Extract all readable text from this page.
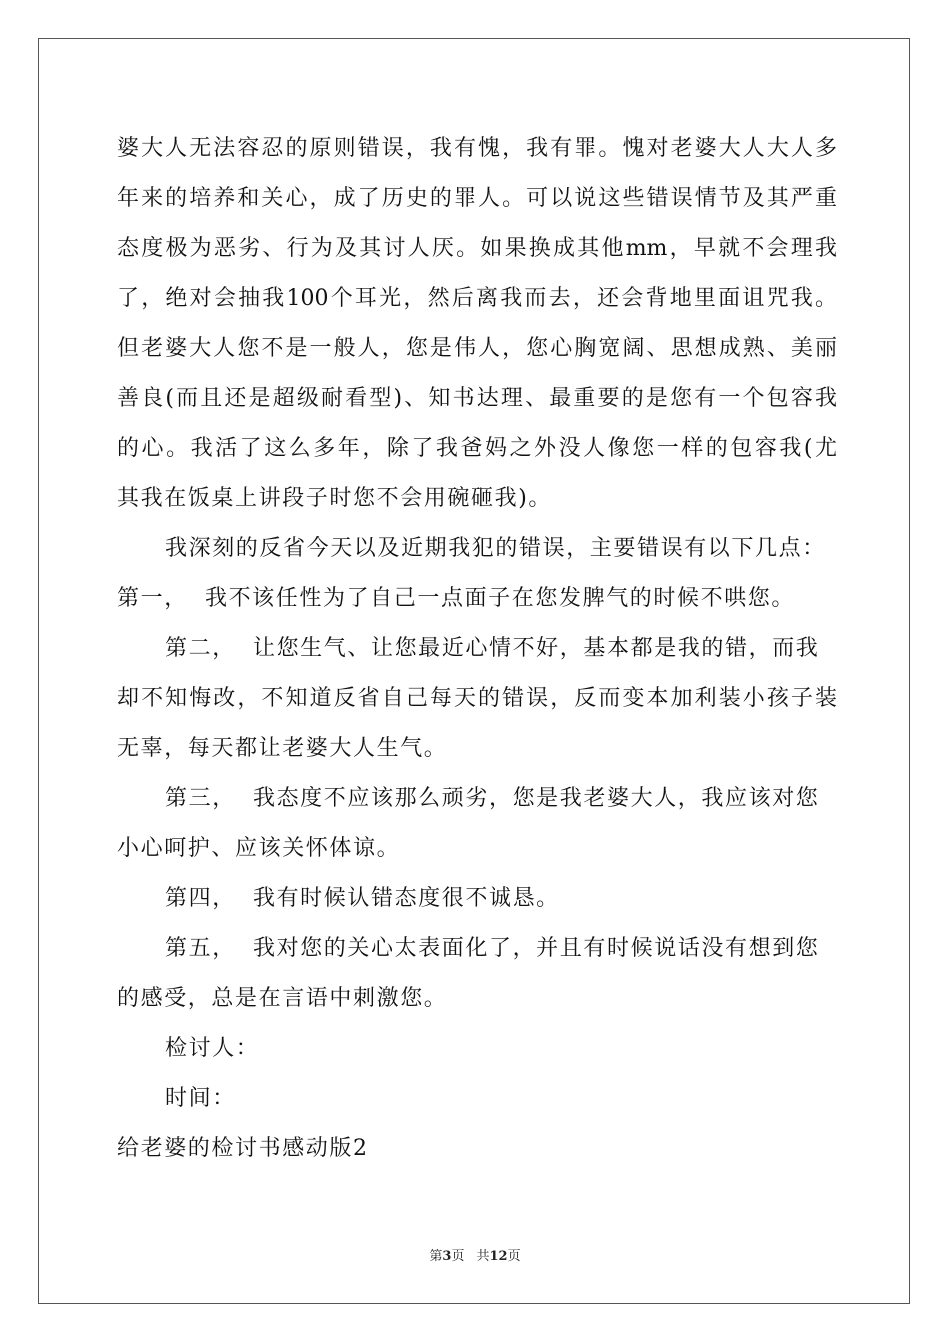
婆大人无法容忍的原则错误，我有愧，我有罪。愧对老婆大人大人多
年来的培养和关心，成了历史的罪人。可以说这些错误情节及其严重
态度极为恶劣、行为及其讨人厌。如果换成其他mm，早就不会理我
了，绝对会抽我100个耳光，然后离我而去，还会背地里面诅咒我。
但老婆大人您不是一般人，您是伟人，您心胸宽阔、思想成熟、美丽
善良(而且还是超级耐看型)、知书达理、最重要的是您有一个包容我
的心。我活了这么多年，除了我爸妈之外没人像您一样的包容我(尤
其我在饭桌上讲段子时您不会用碗砸我)。
我深刻的反省今天以及近期我犯的错误，主要错误有以下几点：
第一，  我不该任性为了自己一点面子在您发脾气的时候不哄您。
第二，  让您生气、让您最近心情不好，基本都是我的错，而我
却不知悔改，不知道反省自己每天的错误，反而变本加利装小孩子装
无辜，每天都让老婆大人生气。
第三，  我态度不应该那么顽劣，您是我老婆大人，我应该对您
小心呵护、应该关怀体谅。
第四，  我有时候认错态度很不诚恳。
第五，  我对您的关心太表面化了，并且有时候说话没有想到您
的感受，总是在言语中刺激您。
检讨人：
时间：
给老婆的检讨书感动版2
第3页 共12页
